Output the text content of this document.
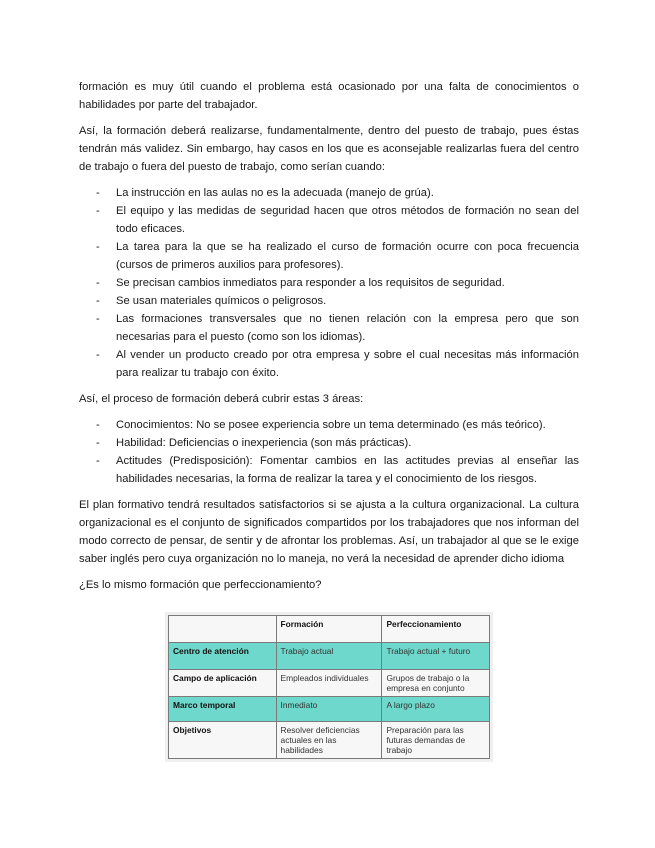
formación es muy útil cuando el problema está ocasionado por una falta de conocimientos o habilidades por parte del trabajador.

Así, la formación deberá realizarse, fundamentalmente, dentro del puesto de trabajo, pues éstas tendrán más validez. Sin embargo, hay casos en los que es aconsejable realizarlas fuera del centro de trabajo o fuera del puesto de trabajo, como serían cuando:

- La instrucción en las aulas no es la adecuada (manejo de grúa).
- El equipo y las medidas de seguridad hacen que otros métodos de formación no sean del todo eficaces.
- La tarea para la que se ha realizado el curso de formación ocurre con poca frecuencia (cursos de primeros auxilios para profesores).
- Se precisan cambios inmediatos para responder a los requisitos de seguridad.
- Se usan materiales químicos o peligrosos.
- Las formaciones transversales que no tienen relación con la empresa pero que son necesarias para el puesto (como son los idiomas).
- Al vender un producto creado por otra empresa y sobre el cual necesitas más información para realizar tu trabajo con éxito.

Así, el proceso de formación deberá cubrir estas 3 áreas:

- Conocimientos: No se posee experiencia sobre un tema determinado (es más teórico).
- Habilidad: Deficiencias o inexperiencia (son más prácticas).
- Actitudes (Predisposición): Fomentar cambios en las actitudes previas al enseñar las habilidades necesarias, la forma de realizar la tarea y el conocimiento de los riesgos.

El plan formativo tendrá resultados satisfactorios si se ajusta a la cultura organizacional. La cultura organizacional es el conjunto de significados compartidos por los trabajadores que nos informan del modo correcto de pensar, de sentir y de afrontar los problemas. Así, un trabajador al que se le exige saber inglés pero cuya organización no lo maneja, no verá la necesidad de aprender dicho idioma

¿Es lo mismo formación que perfeccionamiento?

	Formación	Perfeccionamiento
Centro de atención	Trabajo actual	Trabajo actual + futuro
Campo de aplicación	Empleados individuales	Grupos de trabajo o la empresa en conjunto
Marco temporal	Inmediato	A largo plazo
Objetivos	Resolver deficiencias actuales en las habilidades	Preparación para las futuras demandas de trabajo
